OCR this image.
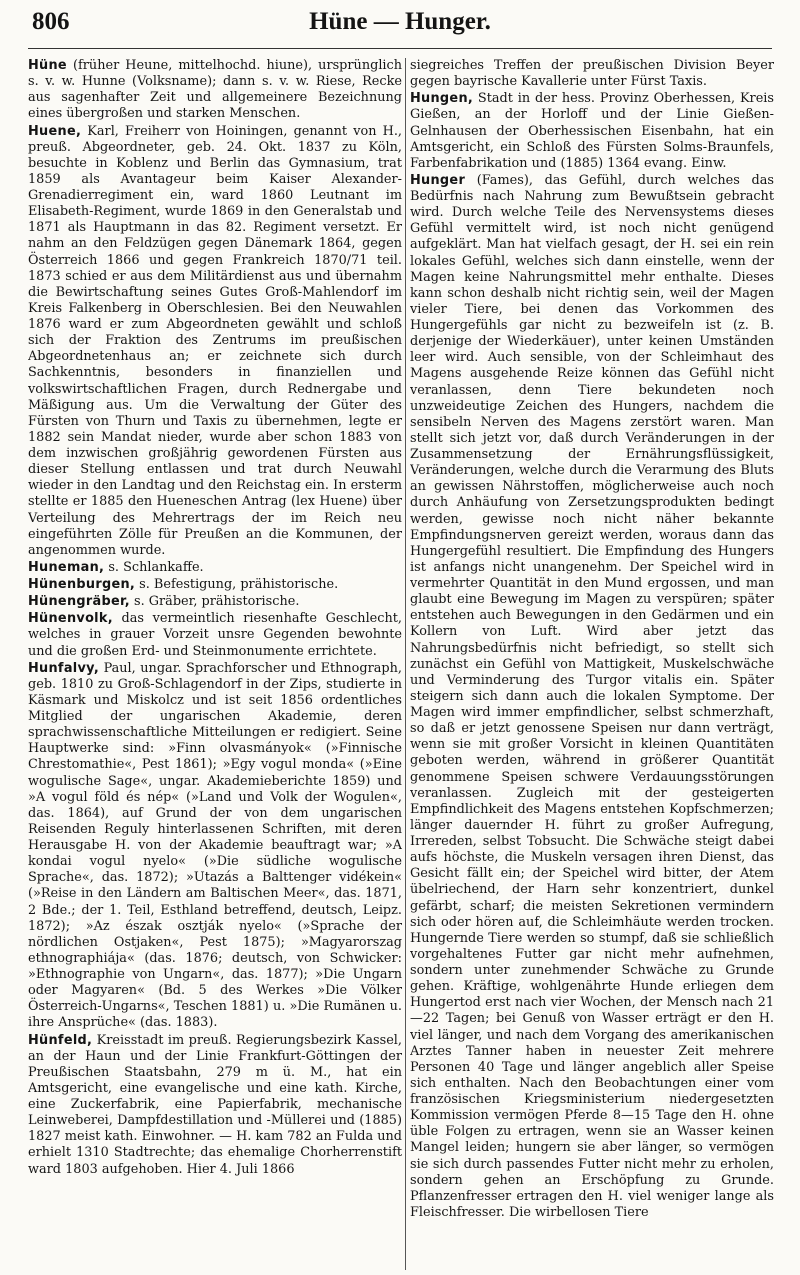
806	Hüne — Hunger.

Hüne (früher Heune, mittelhochd. hiune), ursprünglich s. v. w. Hunne (Volksname); dann s. v. w. Riese, Recke aus sagenhafter Zeit und allgemeinere Bezeichnung eines übergroßen und starken Menschen.

Huene, Karl, Freiherr von Hoiningen, genannt von H., preuß. Abgeordneter, geb. 24. Okt. 1837 zu Köln, besuchte in Koblenz und Berlin das Gymnasium, trat 1859 als Avantageur beim Kaiser Alexander-Grenadierregiment ein, ward 1860 Leutnant im Elisabeth-Regiment, wurde 1869 in den Generalstab und 1871 als Hauptmann in das 82. Regiment versetzt. Er nahm an den Feldzügen gegen Dänemark 1864, gegen Österreich 1866 und gegen Frankreich 1870/71 teil. 1873 schied er aus dem Militärdienst aus und übernahm die Bewirtschaftung seines Gutes Groß-Mahlendorf im Kreis Falkenberg in Oberschlesien. Bei den Neuwahlen 1876 ward er zum Abgeordneten gewählt und schloß sich der Fraktion des Zentrums im preußischen Abgeordnetenhaus an; er zeichnete sich durch Sachkenntnis, besonders in finanziellen und volkswirtschaftlichen Fragen, durch Rednergabe und Mäßigung aus. Um die Verwaltung der Güter des Fürsten von Thurn und Taxis zu übernehmen, legte er 1882 sein Mandat nieder, wurde aber schon 1883 von dem inzwischen großjährig gewordenen Fürsten aus dieser Stellung entlassen und trat durch Neuwahl wieder in den Landtag und den Reichstag ein. In ersterm stellte er 1885 den Hueneschen Antrag (lex Huene) über Verteilung des Mehrertrags der im Reich neu eingeführten Zölle für Preußen an die Kommunen, der angenommen wurde.

Huneman, s. Schlankaffe.

Hünenburgen, s. Befestigung, prähistorische.

Hünengräber, s. Gräber, prähistorische.

Hünenvolk, das vermeintlich riesenhafte Geschlecht, welches in grauer Vorzeit unsre Gegenden bewohnte und die großen Erd- und Steinmonumente errichtete.

Hunfalvy, Paul, ungar. Sprachforscher und Ethnograph, geb. 1810 zu Groß-Schlagendorf in der Zips, studierte in Käsmark und Miskolcz und ist seit 1856 ordentliches Mitglied der ungarischen Akademie, deren sprachwissenschaftliche Mitteilungen er redigiert. Seine Hauptwerke sind: »Finn olvasmányok« (»Finnische Chrestomathie«, Pest 1861); »Egy vogul monda« (»Eine wogulische Sage«, ungar. Akademieberichte 1859) und »A vogul föld és nép« (»Land und Volk der Wogulen«, das. 1864), auf Grund der von dem ungarischen Reisenden Reguly hinterlassenen Schriften, mit deren Herausgabe H. von der Akademie beauftragt war; »A kondai vogul nyelo« (»Die südliche wogulische Sprache«, das. 1872); »Utazás a Balttenger vidékein« (»Reise in den Ländern am Baltischen Meer«, das. 1871, 2 Bde.; der 1. Teil, Esthland betreffend, deutsch, Leipz. 1872); »Az észak osztják nyelo« (»Sprache der nördlichen Ostjaken«, Pest 1875); »Magyarorszag ethnographiája« (das. 1876; deutsch, von Schwicker: »Ethnographie von Ungarn«, das. 1877); »Die Ungarn oder Magyaren« (Bd. 5 des Werkes »Die Völker Österreich-Ungarns«, Teschen 1881) u. »Die Rumänen u. ihre Ansprüche« (das. 1883).

Hünfeld, Kreisstadt im preuß. Regierungsbezirk Kassel, an der Haun und der Linie Frankfurt-Göttingen der Preußischen Staatsbahn, 279 m ü. M., hat ein Amtsgericht, eine evangelische und eine kath. Kirche, eine Zuckerfabrik, eine Papierfabrik, mechanische Leinweberei, Dampfdestillation und -Müllerei und (1885) 1827 meist kath. Einwohner. — H. kam 782 an Fulda und erhielt 1310 Stadtrechte; das ehemalige Chorherrenstift ward 1803 aufgehoben. Hier 4. Juli 1866

siegreiches Treffen der preußischen Division Beyer gegen bayrische Kavallerie unter Fürst Taxis.

Hungen, Stadt in der hess. Provinz Oberhessen, Kreis Gießen, an der Horloff und der Linie Gießen-Gelnhausen der Oberhessischen Eisenbahn, hat ein Amtsgericht, ein Schloß des Fürsten Solms-Braunfels, Farbenfabrikation und (1885) 1364 evang. Einw.

Hunger (Fames), das Gefühl, durch welches das Bedürfnis nach Nahrung zum Bewußtsein gebracht wird. Durch welche Teile des Nervensystems dieses Gefühl vermittelt wird, ist noch nicht genügend aufgeklärt. Man hat vielfach gesagt, der H. sei ein rein lokales Gefühl, welches sich dann einstelle, wenn der Magen keine Nahrungsmittel mehr enthalte. Dieses kann schon deshalb nicht richtig sein, weil der Magen vieler Tiere, bei denen das Vorkommen des Hungergefühls gar nicht zu bezweifeln ist (z. B. derjenige der Wiederkäuer), unter keinen Umständen leer wird. Auch sensible, von der Schleimhaut des Magens ausgehende Reize können das Gefühl nicht veranlassen, denn Tiere bekundeten noch unzweideutige Zeichen des Hungers, nachdem die sensibeln Nerven des Magens zerstört waren. Man stellt sich jetzt vor, daß durch Veränderungen in der Zusammensetzung der Ernährungsflüssigkeit, Veränderungen, welche durch die Verarmung des Bluts an gewissen Nährstoffen, möglicherweise auch noch durch Anhäufung von Zersetzungsprodukten bedingt werden, gewisse noch nicht näher bekannte Empfindungsnerven gereizt werden, woraus dann das Hungergefühl resultiert. Die Empfindung des Hungers ist anfangs nicht unangenehm. Der Speichel wird in vermehrter Quantität in den Mund ergossen, und man glaubt eine Bewegung im Magen zu verspüren; später entstehen auch Bewegungen in den Gedärmen und ein Kollern von Luft. Wird aber jetzt das Nahrungsbedürfnis nicht befriedigt, so stellt sich zunächst ein Gefühl von Mattigkeit, Muskelschwäche und Verminderung des Turgor vitalis ein. Später steigern sich dann auch die lokalen Symptome. Der Magen wird immer empfindlicher, selbst schmerzhaft, so daß er jetzt genossene Speisen nur dann verträgt, wenn sie mit großer Vorsicht in kleinen Quantitäten geboten werden, während in größerer Quantität genommene Speisen schwere Verdauungsstörungen veranlassen. Zugleich mit der gesteigerten Empfindlichkeit des Magens entstehen Kopfschmerzen; länger dauernder H. führt zu großer Aufregung, Irrereden, selbst Tobsucht. Die Schwäche steigt dabei aufs höchste, die Muskeln versagen ihren Dienst, das Gesicht fällt ein; der Speichel wird bitter, der Atem übelriechend, der Harn sehr konzentriert, dunkel gefärbt, scharf; die meisten Sekretionen vermindern sich oder hören auf, die Schleimhäute werden trocken. Hungernde Tiere werden so stumpf, daß sie schließlich vorgehaltenes Futter gar nicht mehr aufnehmen, sondern unter zunehmender Schwäche zu Grunde gehen. Kräftige, wohlgenährte Hunde erliegen dem Hungertod erst nach vier Wochen, der Mensch nach 21—22 Tagen; bei Genuß von Wasser erträgt er den H. viel länger, und nach dem Vorgang des amerikanischen Arztes Tanner haben in neuester Zeit mehrere Personen 40 Tage und länger angeblich aller Speise sich enthalten. Nach den Beobachtungen einer vom französischen Kriegsministerium niedergesetzten Kommission vermögen Pferde 8—15 Tage den H. ohne üble Folgen zu ertragen, wenn sie an Wasser keinen Mangel leiden; hungern sie aber länger, so vermögen sie sich durch passendes Futter nicht mehr zu erholen, sondern gehen an Erschöpfung zu Grunde. Pflanzenfresser ertragen den H. viel weniger lange als Fleischfresser. Die wirbellosen Tiere
